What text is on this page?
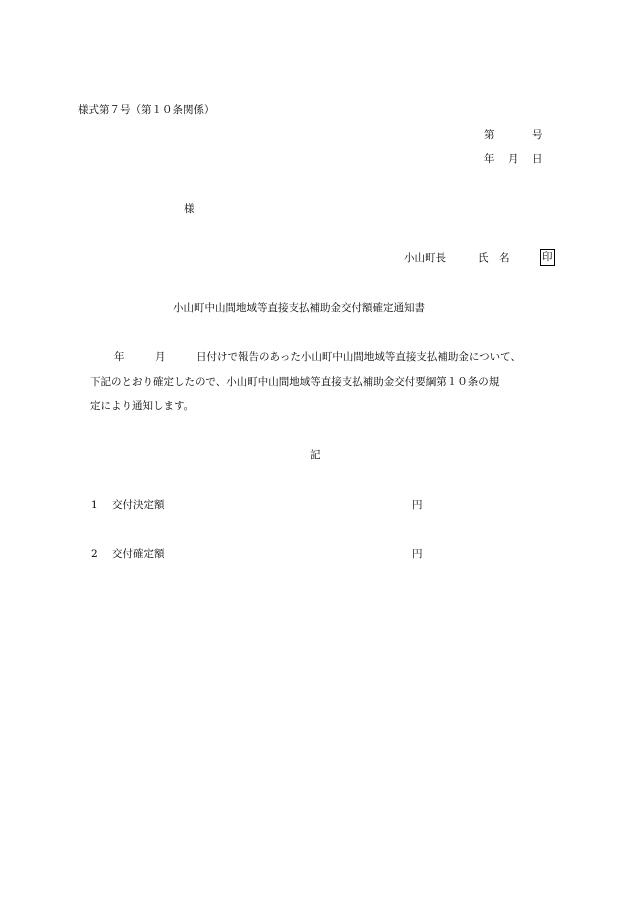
様式第７号（第１０条関係）
第	号
年 月 日
様
小山町長	氏　名	印
小山町中山間地域等直接支払補助金交付額確定通知書
年	月	日付けで報告のあった小山町中山間地域等直接支払補助金について、
下記のとおり確定したので、小山町中山間地域等直接支払補助金交付要綱第１０条の規
定により通知します。
記
1 交付決定額	円
2 交付確定額	円
